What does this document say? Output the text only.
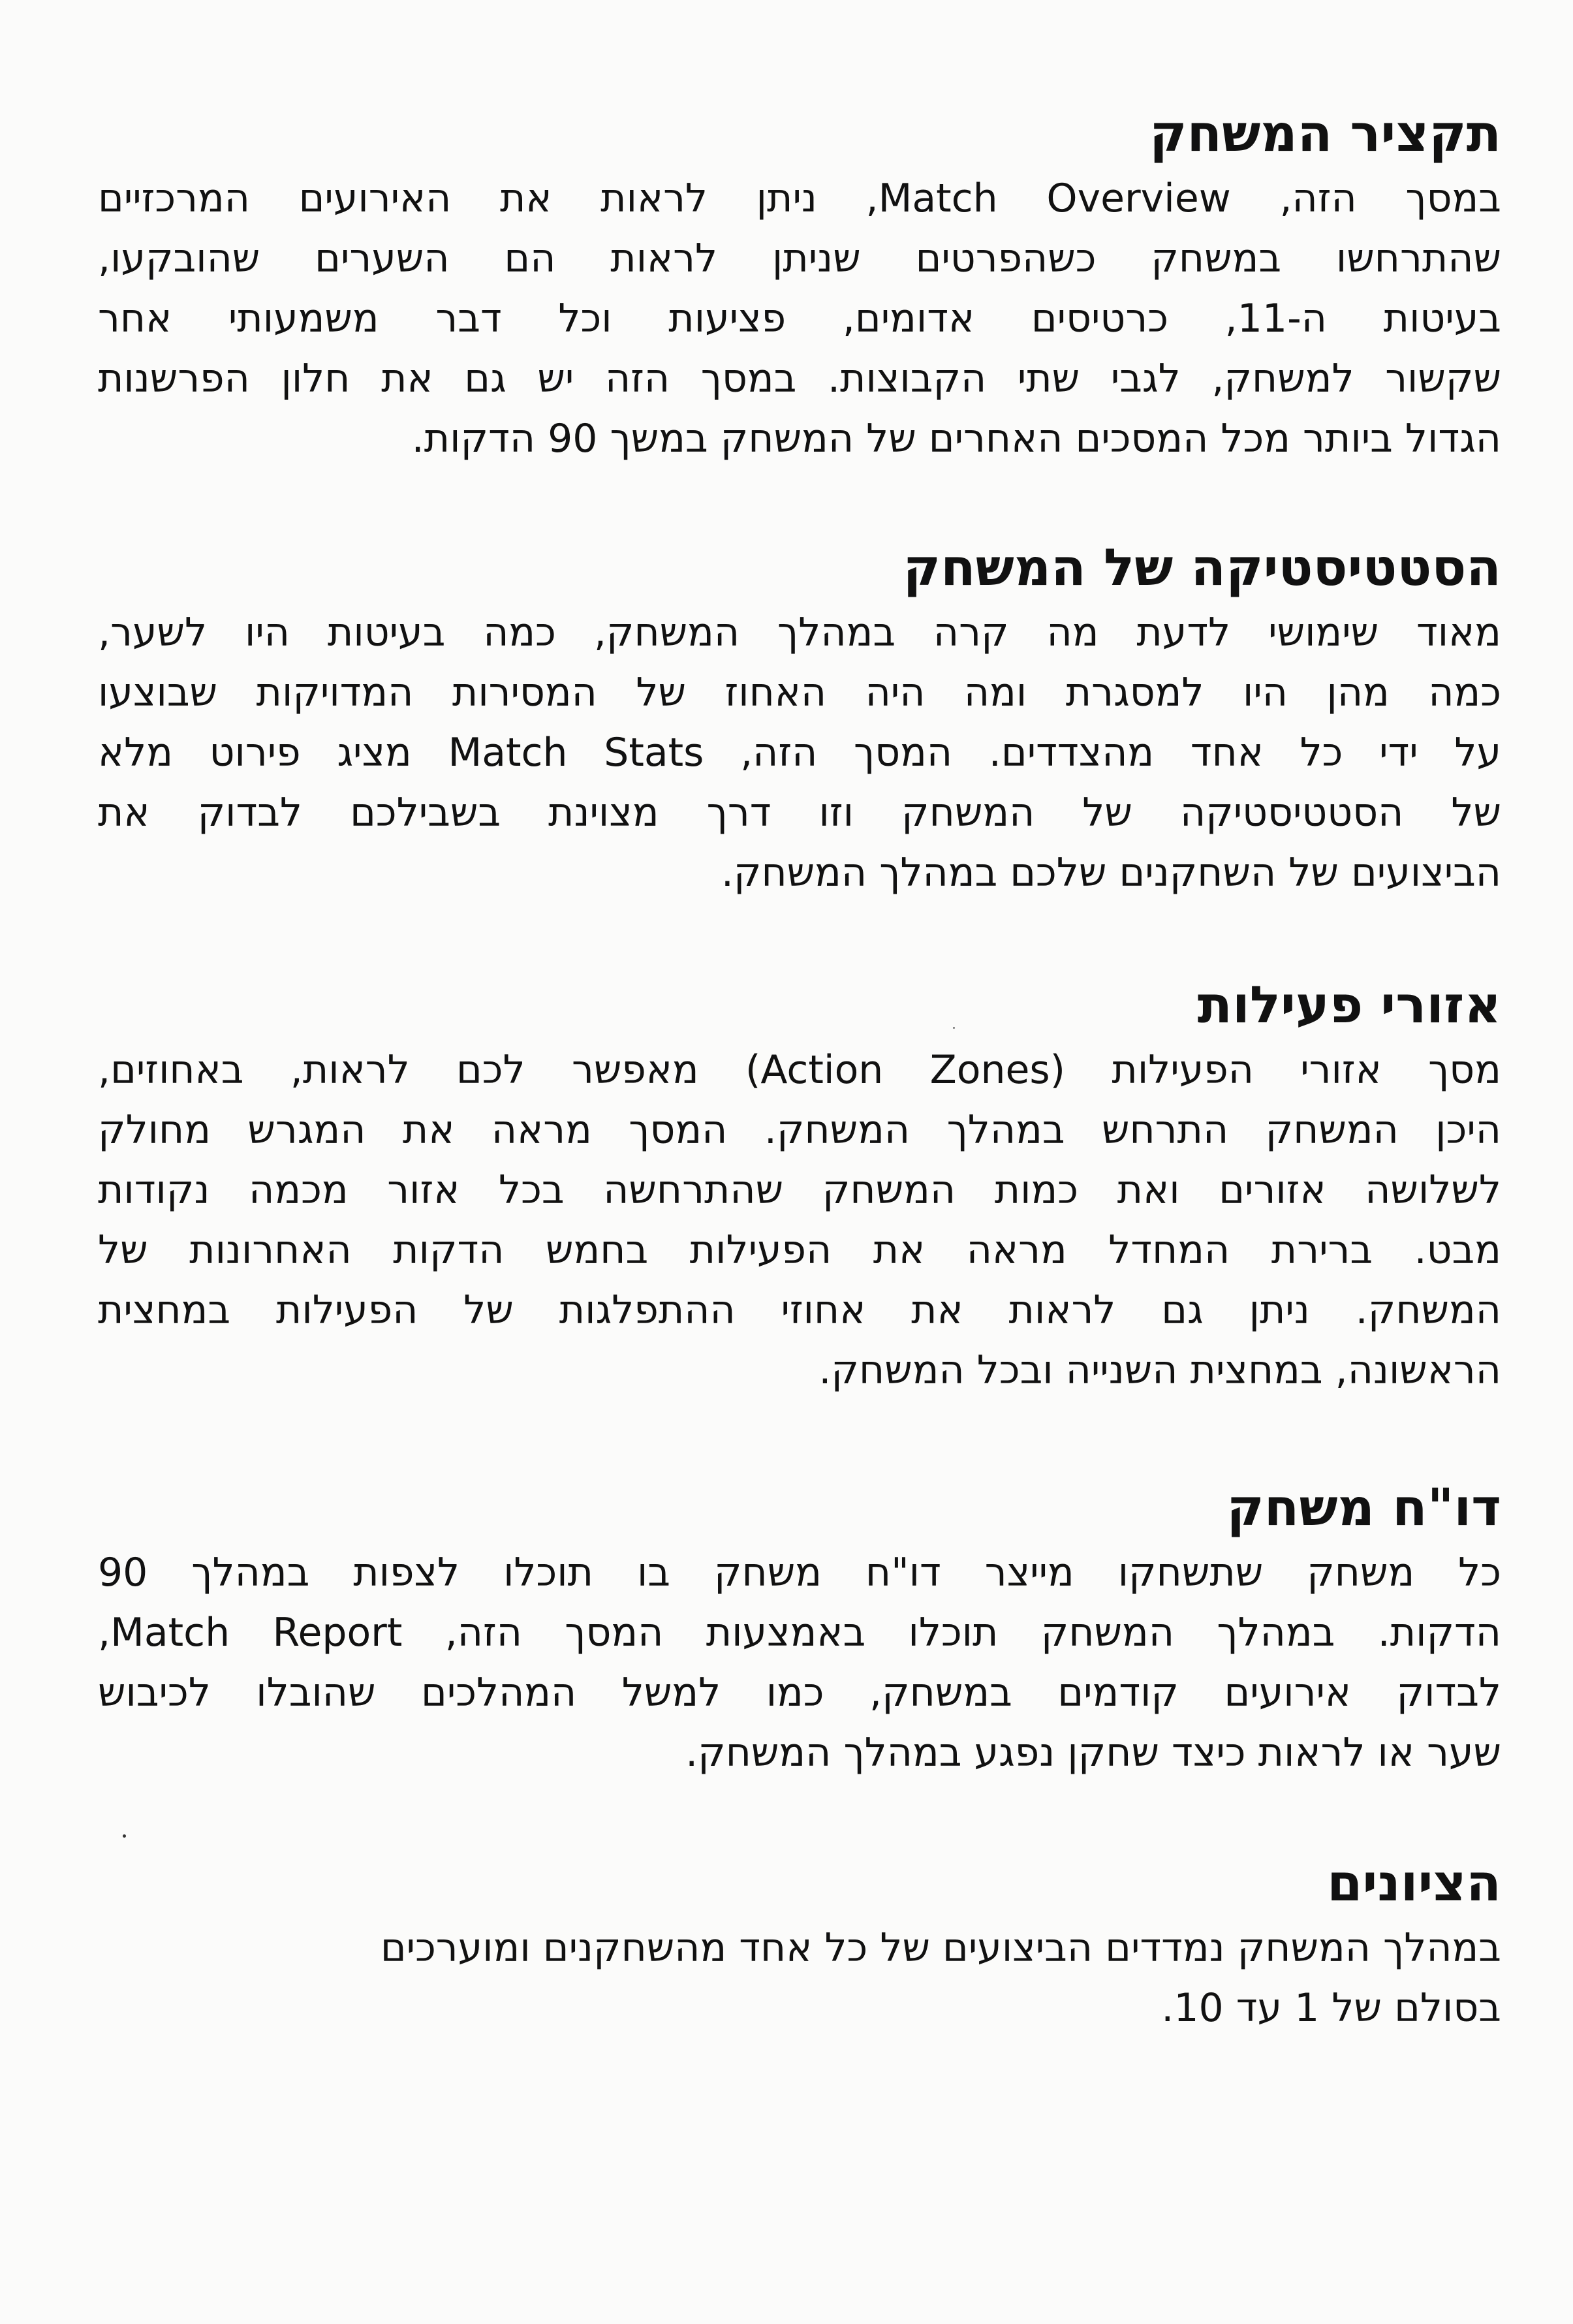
תקציר המשחק

במסך הזה, Match Overview, ניתן לראות את האירועים המרכזיים
שהתרחשו במשחק כשהפרטים שניתן לראות הם השערים שהובקעו,
בעיטות ה-11, כרטיסים אדומים, פציעות וכל דבר משמעותי אחר
שקשור למשחק, לגבי שתי הקבוצות. במסך הזה יש גם את חלון הפרשנות
הגדול ביותר מכל המסכים האחרים של המשחק במשך 90 הדקות.

הסטטיסטיקה של המשחק

מאוד שימושי לדעת מה קרה במהלך המשחק, כמה בעיטות היו לשער,
כמה מהן היו למסגרת ומה היה האחוז של המסירות המדויקות שבוצעו
על ידי כל אחד מהצדדים. המסך הזה, Match Stats מציג פירוט מלא
של הסטטיסטיקה של המשחק וזו דרך מצוינת בשבילכם לבדוק את
הביצועים של השחקנים שלכם במהלך המשחק.

אזורי פעילות

מסך אזורי הפעילות (Action Zones) מאפשר לכם לראות, באחוזים,
היכן המשחק התרחש במהלך המשחק. המסך מראה את המגרש מחולק
לשלושה אזורים ואת כמות המשחק שהתרחשה בכל אזור מכמה נקודות
מבט. ברירת המחדל מראה את הפעילות בחמש הדקות האחרונות של
המשחק. ניתן גם לראות את אחוזי ההתפלגות של הפעילות במחצית
הראשונה, במחצית השנייה ובכל המשחק.

דו"ח משחק

כל משחק שתשחקו מייצר דו"ח משחק בו תוכלו לצפות במהלך 90
הדקות. במהלך המשחק תוכלו באמצעות המסך הזה, Match Report,
לבדוק אירועים קודמים במשחק, כמו למשל המהלכים שהובלו לכיבוש
שער או לראות כיצד שחקן נפגע במהלך המשחק.

הציונים

במהלך המשחק נמדדים הביצועים של כל אחד מהשחקנים ומוערכים
בסולם של 1 עד 10.
